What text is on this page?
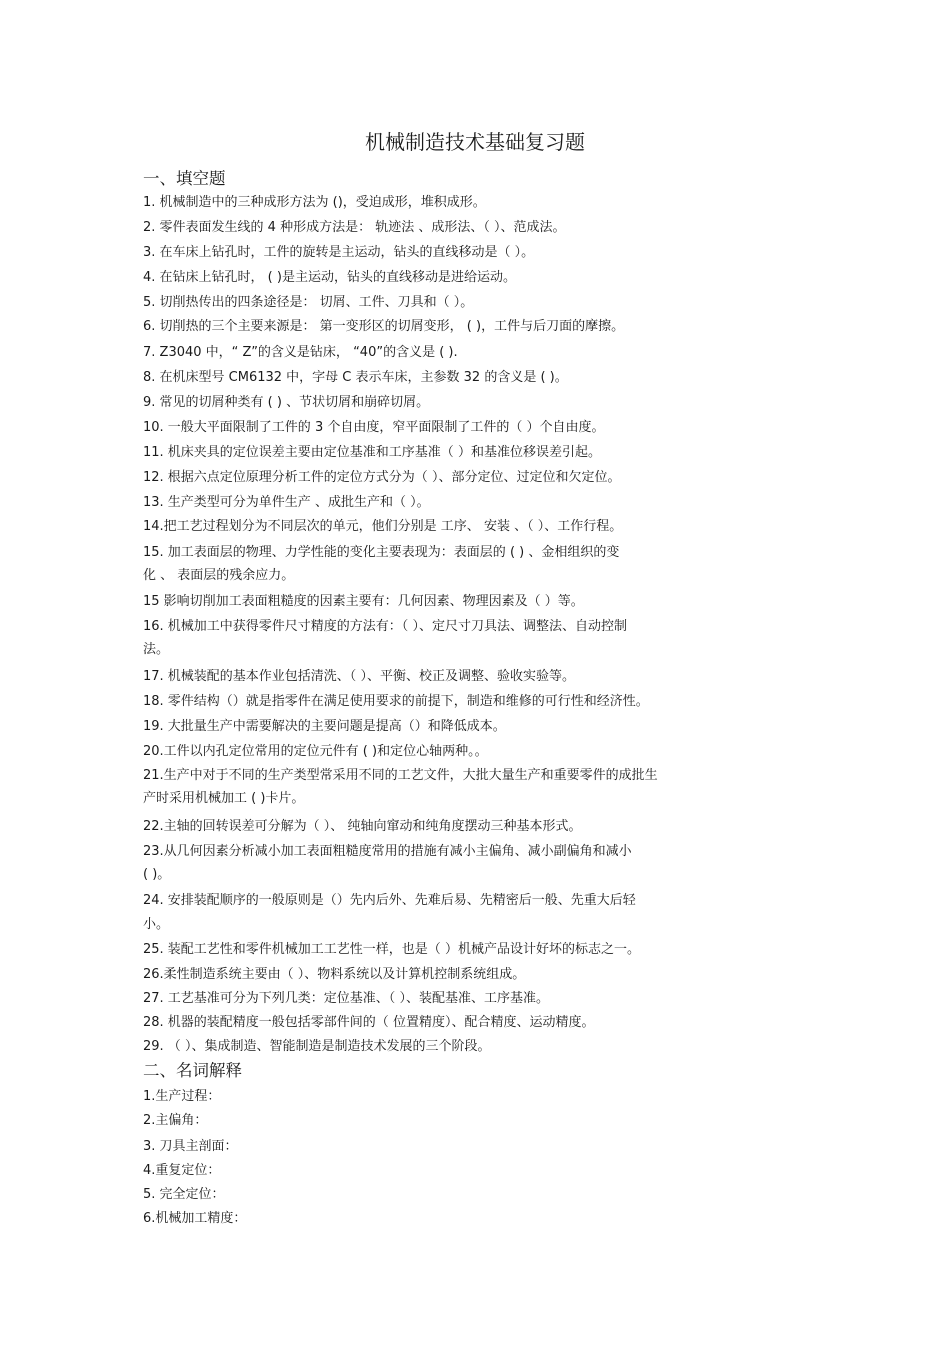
机械制造技术基础复习题
一、填空题

1. 机械制造中的三种成形方法为 ()，受迫成形，堆积成形。

2. 零件表面发生线的 4 种形成方法是： 轨迹法 、成形法、（ ）、范成法。

3. 在车床上钻孔时，工件的旋转是主运动，钻头的直线移动是（ ）。

4. 在钻床上钻孔时， ( )是主运动，钻头的直线移动是进给运动。

5. 切削热传出的四条途径是： 切屑、工件、刀具和（ ）。

6. 切削热的三个主要来源是： 第一变形区的切屑变形， ( )，工件与后刀面的摩擦。

7. Z3040 中，“ Z”的含义是钻床， “40”的含义是 ( ).

8. 在机床型号 CM6132 中，字母 C 表示车床，主参数 32 的含义是 ( )。

9. 常见的切屑种类有 ( ) 、节状切屑和崩碎切屑。

10. 一般大平面限制了工件的 3 个自由度，窄平面限制了工件的（ ）个自由度。

11. 机床夹具的定位误差主要由定位基准和工序基准（ ）和基准位移误差引起。

12. 根据六点定位原理分析工件的定位方式分为（ ）、部分定位、过定位和欠定位。

13. 生产类型可分为单件生产 、成批生产和（ ）。

14.把工艺过程划分为不同层次的单元，他们分别是 工序、 安装 、（ ）、工作行程。

15. 加工表面层的物理、力学性能的变化主要表现为：表面层的 ( ) 、金相组织的变

化 、 表面层的残余应力。

15 影响切削加工表面粗糙度的因素主要有：几何因素、物理因素及（ ）等。

16. 机械加工中获得零件尺寸精度的方法有：（ ）、定尺寸刀具法、调整法、自动控制

法。

17. 机械装配的基本作业包括清洗、（ ）、平衡、校正及调整、验收实验等。

18. 零件结构（）就是指零件在满足使用要求的前提下，制造和维修的可行性和经济性。

19. 大批量生产中需要解决的主要问题是提高（）和降低成本。

20.工件以内孔定位常用的定位元件有 ( )和定位心轴两种。。

21.生产中对于不同的生产类型常采用不同的工艺文件，大批大量生产和重要零件的成批生

产时采用机械加工 ( )卡片。

22.主轴的回转误差可分解为（ ）、 纯轴向窜动和纯角度摆动三种基本形式。

23.从几何因素分析减小加工表面粗糙度常用的措施有减小主偏角、减小副偏角和减小

( )。

24. 安排装配顺序的一般原则是（）先内后外、先难后易、先精密后一般、先重大后轻

小。

25. 装配工艺性和零件机械加工工艺性一样，也是（ ）机械产品设计好坏的标志之一。

26.柔性制造系统主要由（ ）、物料系统以及计算机控制系统组成。

27. 工艺基准可分为下列几类：定位基准、（ ）、装配基准、工序基准。

28. 机器的装配精度一般包括零部件间的（ 位置精度）、配合精度、运动精度。

29. （ ）、集成制造、智能制造是制造技术发展的三个阶段。

二、名词解释

1.生产过程：

2.主偏角：

3. 刀具主剖面：

4.重复定位：

5. 完全定位：

6.机械加工精度：
